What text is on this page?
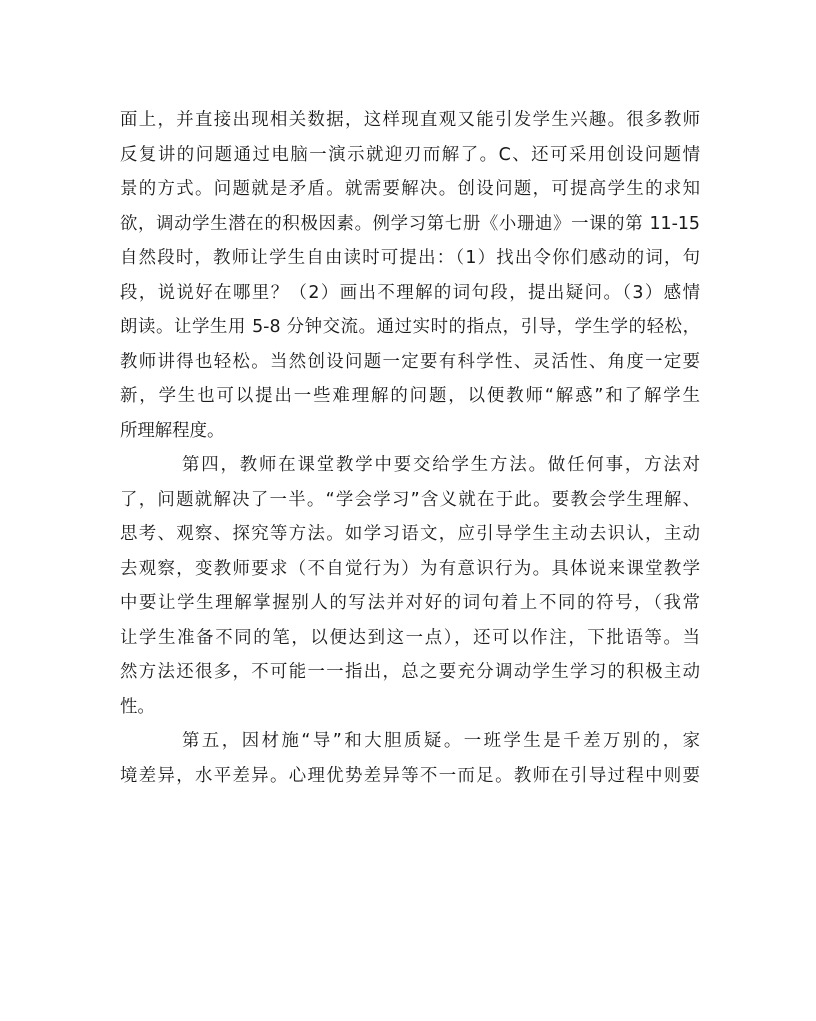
面上，并直接出现相关数据，这样现直观又能引发学生兴趣。很多教师
反复讲的问题通过电脑一演示就迎刃而解了。C、还可采用创设问题情
景的方式。问题就是矛盾。就需要解决。创设问题，可提高学生的求知
欲，调动学生潜在的积极因素。例学习第七册《小珊迪》一课的第 11-15
自然段时，教师让学生自由读时可提出：（1）找出令你们感动的词，句
段，说说好在哪里？（2）画出不理解的词句段，提出疑问。（3）感情
朗读。让学生用 5-8 分钟交流。通过实时的指点，引导，学生学的轻松，
教师讲得也轻松。当然创设问题一定要有科学性、灵活性、角度一定要
新，学生也可以提出一些难理解的问题，以便教师“解惑”和了解学生
所理解程度。
第四，教师在课堂教学中要交给学生方法。做任何事，方法对
了，问题就解决了一半。“学会学习”含义就在于此。要教会学生理解、
思考、观察、探究等方法。如学习语文，应引导学生主动去识认，主动
去观察，变教师要求（不自觉行为）为有意识行为。具体说来课堂教学
中要让学生理解掌握别人的写法并对好的词句着上不同的符号，（我常
让学生准备不同的笔，以便达到这一点），还可以作注，下批语等。当
然方法还很多，不可能一一指出，总之要充分调动学生学习的积极主动
性。
第五，因材施“导”和大胆质疑。一班学生是千差万别的，家
境差异，水平差异。心理优势差异等不一而足。教师在引导过程中则要
